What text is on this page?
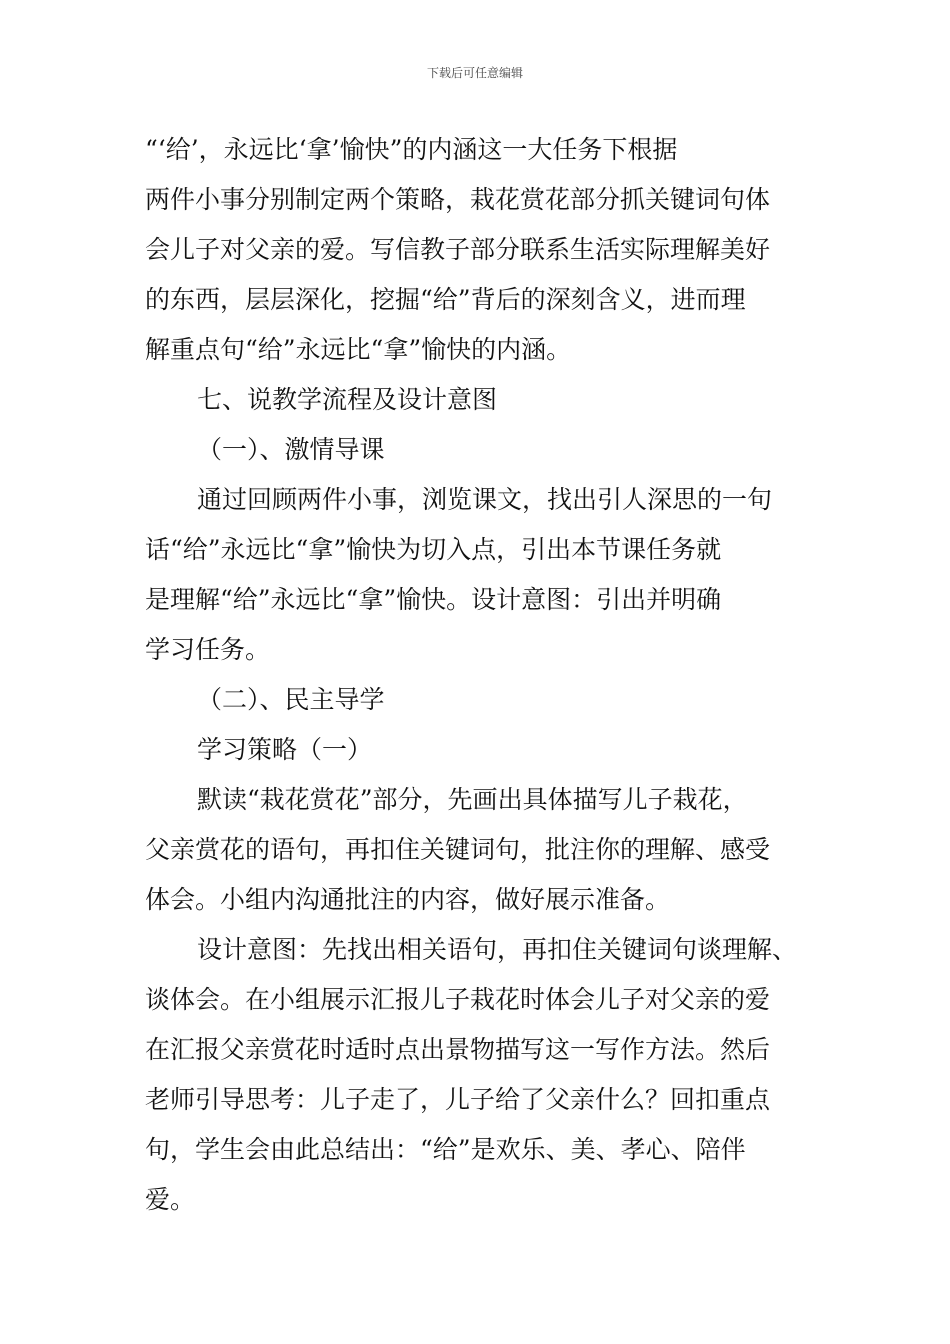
下载后可任意编辑
“‘给’，永远比‘拿’愉快”的内涵这一大任务下根据
两件小事分别制定两个策略，栽花赏花部分抓关键词句体
会儿子对父亲的爱。写信教子部分联系生活实际理解美好
的东西，层层深化，挖掘“给”背后的深刻含义，进而理
解重点句“给”永远比“拿”愉快的内涵。
七、说教学流程及设计意图
（一）、激情导课
通过回顾两件小事，浏览课文，找出引人深思的一句
话“给”永远比“拿”愉快为切入点，引出本节课任务就
是理解“给”永远比“拿”愉快。设计意图：引出并明确
学习任务。
（二）、民主导学
学习策略（一）
默读“栽花赏花”部分，先画出具体描写儿子栽花，
父亲赏花的语句，再扣住关键词句，批注你的理解、感受
体会。小组内沟通批注的内容，做好展示准备。
设计意图：先找出相关语句，再扣住关键词句谈理解、
谈体会。在小组展示汇报儿子栽花时体会儿子对父亲的爱
在汇报父亲赏花时适时点出景物描写这一写作方法。然后
老师引导思考：儿子走了，儿子给了父亲什么？回扣重点
句，学生会由此总结出：“给”是欢乐、美、孝心、陪伴
爱。
